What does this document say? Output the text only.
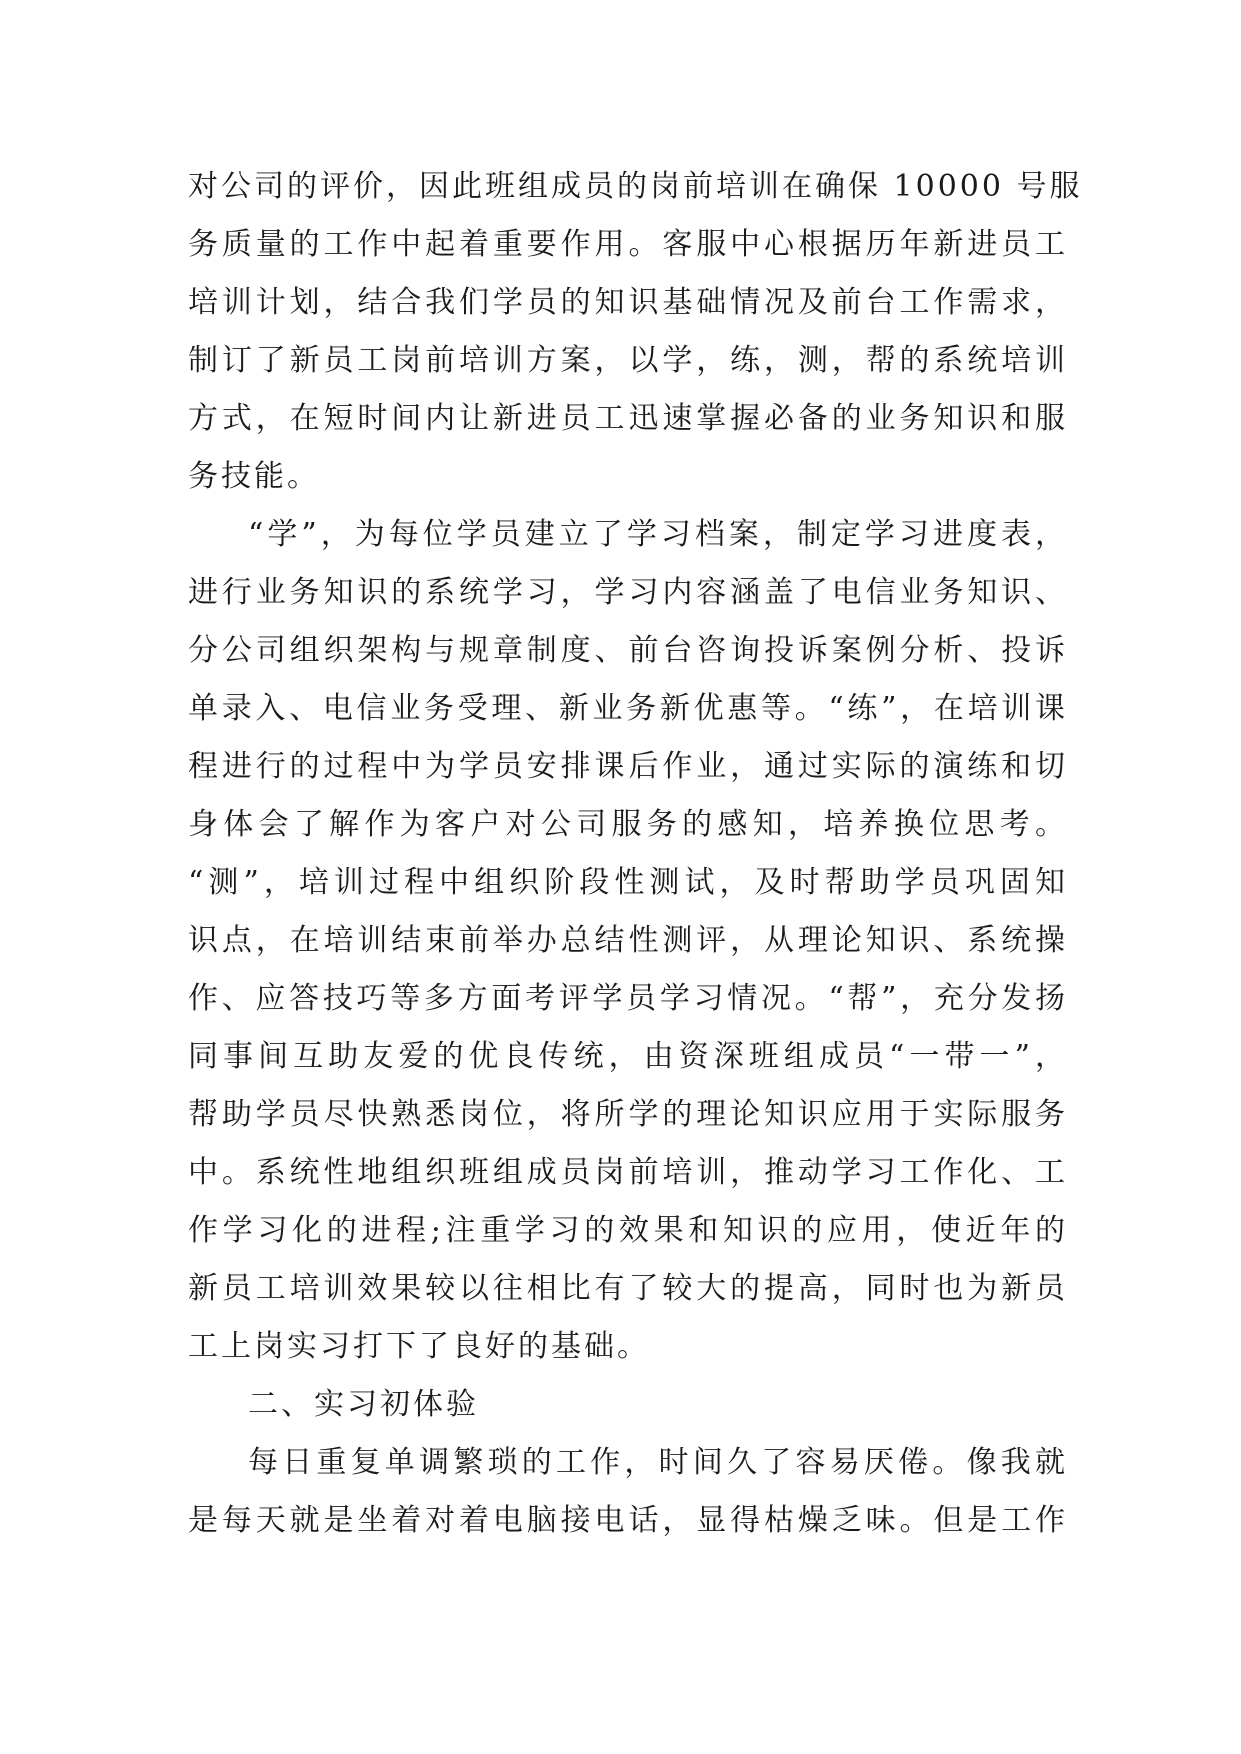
对公司的评价，因此班组成员的岗前培训在确保 10000 号服
务质量的工作中起着重要作用。客服中心根据历年新进员工
培训计划，结合我们学员的知识基础情况及前台工作需求，
制订了新员工岗前培训方案，以学，练，测，帮的系统培训
方式，在短时间内让新进员工迅速掌握必备的业务知识和服
务技能。
“学”，为每位学员建立了学习档案，制定学习进度表，
进行业务知识的系统学习，学习内容涵盖了电信业务知识、
分公司组织架构与规章制度、前台咨询投诉案例分析、投诉
单录入、电信业务受理、新业务新优惠等。“练”，在培训课
程进行的过程中为学员安排课后作业，通过实际的演练和切
身体会了解作为客户对公司服务的感知，培养换位思考。
“测”，培训过程中组织阶段性测试，及时帮助学员巩固知
识点，在培训结束前举办总结性测评，从理论知识、系统操
作、应答技巧等多方面考评学员学习情况。“帮”，充分发扬
同事间互助友爱的优良传统，由资深班组成员“一带一”，
帮助学员尽快熟悉岗位，将所学的理论知识应用于实际服务
中。系统性地组织班组成员岗前培训，推动学习工作化、工
作学习化的进程;注重学习的效果和知识的应用，使近年的
新员工培训效果较以往相比有了较大的提高，同时也为新员
工上岗实习打下了良好的基础。
二、实习初体验
每日重复单调繁琐的工作，时间久了容易厌倦。像我就
是每天就是坐着对着电脑接电话，显得枯燥乏味。但是工作
